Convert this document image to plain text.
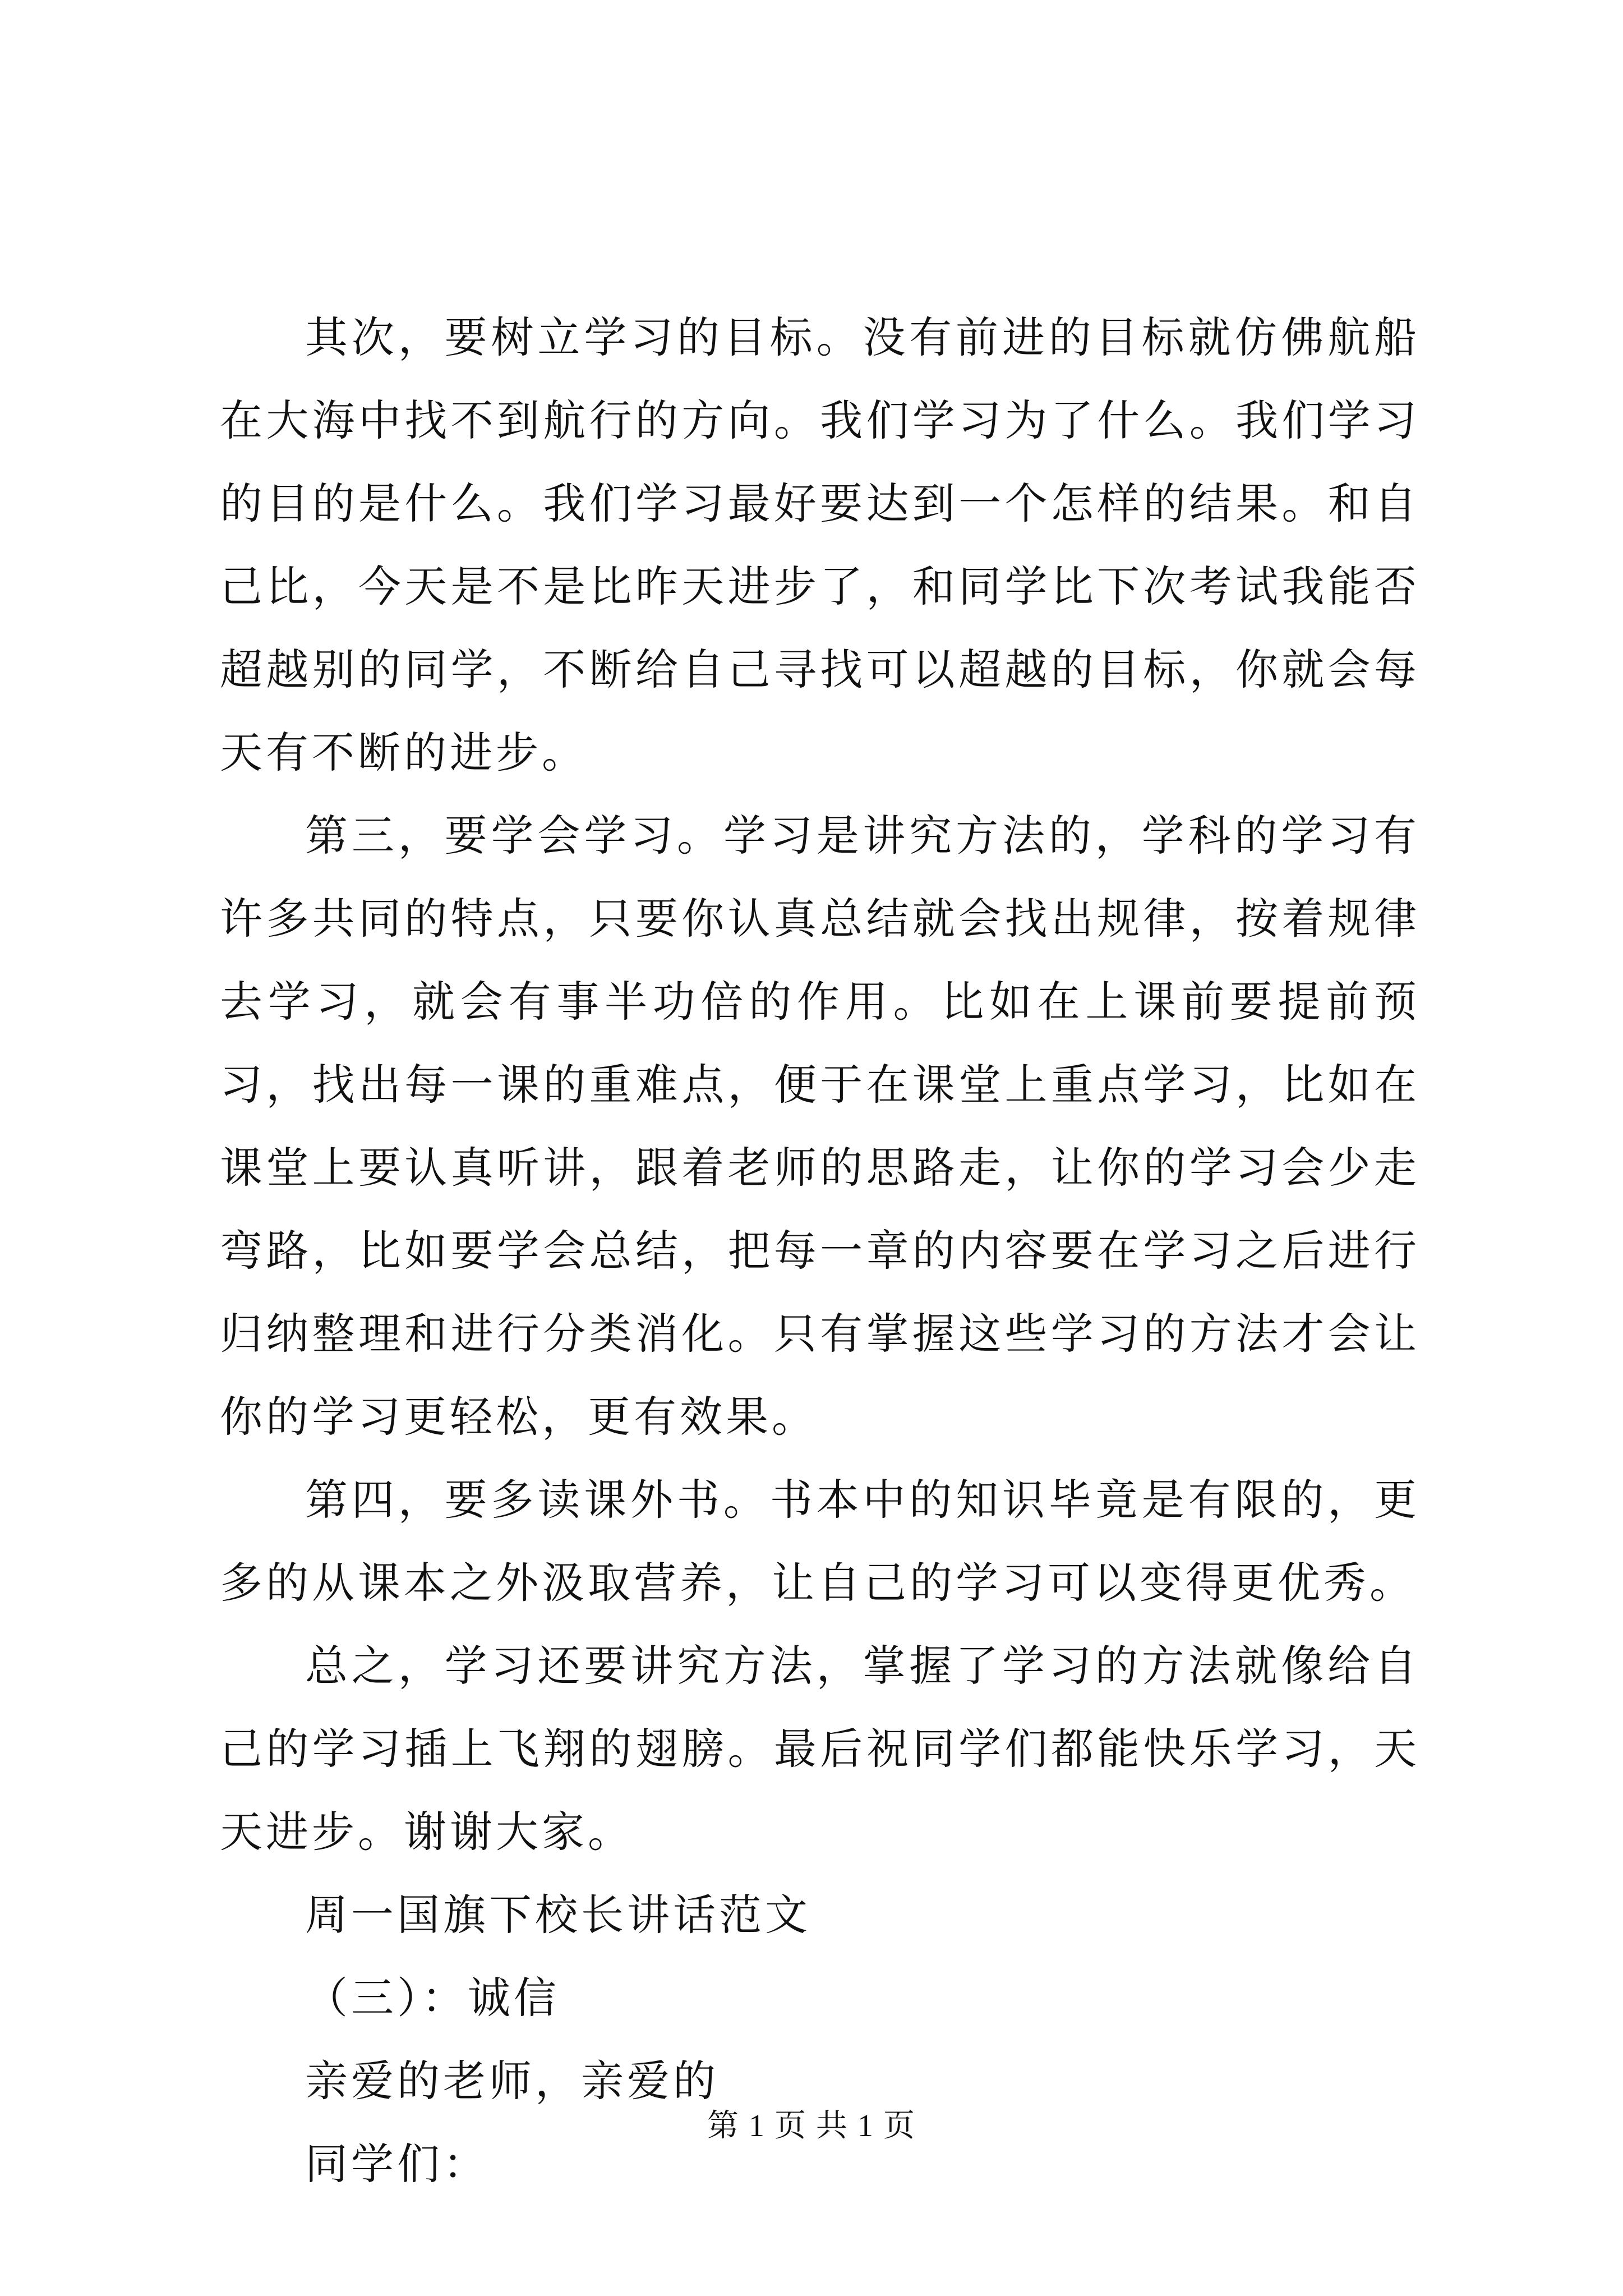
其次，要树立学习的目标。没有前进的目标就仿佛航船在大海中找不到航行的方向。我们学习为了什么。我们学习的目的是什么。我们学习最好要达到一个怎样的结果。和自己比，今天是不是比昨天进步了，和同学比下次考试我能否超越别的同学，不断给自己寻找可以超越的目标，你就会每天有不断的进步。

第三，要学会学习。学习是讲究方法的，学科的学习有许多共同的特点，只要你认真总结就会找出规律，按着规律去学习，就会有事半功倍的作用。比如在上课前要提前预习，找出每一课的重难点，便于在课堂上重点学习，比如在课堂上要认真听讲，跟着老师的思路走，让你的学习会少走弯路，比如要学会总结，把每一章的内容要在学习之后进行归纳整理和进行分类消化。只有掌握这些学习的方法才会让你的学习更轻松，更有效果。

第四，要多读课外书。书本中的知识毕竟是有限的，更多的从课本之外汲取营养，让自己的学习可以变得更优秀。

总之，学习还要讲究方法，掌握了学习的方法就像给自己的学习插上飞翔的翅膀。最后祝同学们都能快乐学习，天天进步。谢谢大家。

周一国旗下校长讲话范文

（三）：诚信

亲爱的老师，亲爱的

同学们：

第 1 页 共 1 页
